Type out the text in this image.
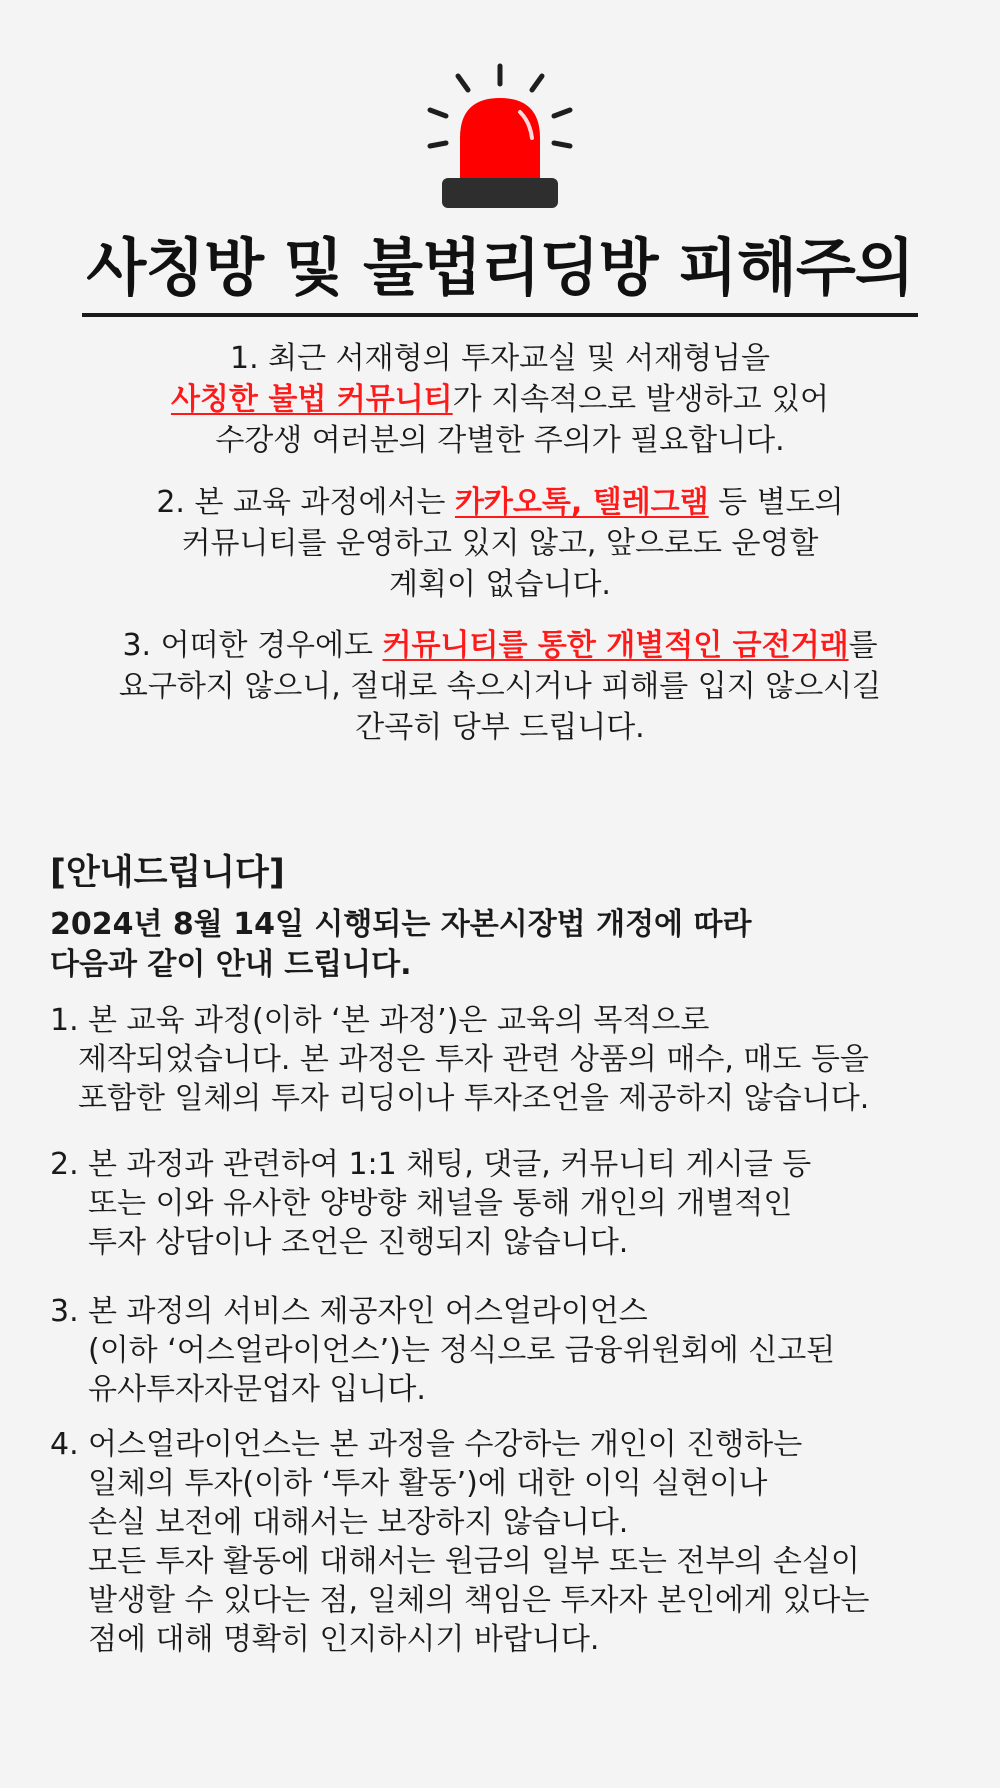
사칭방 및 불법리딩방 피해주의

1. 최근 서재형의 투자교실 및 서재형님을

사칭한 불법 커뮤니티가 지속적으로 발생하고 있어

수강생 여러분의 각별한 주의가 필요합니다.

2. 본 교육 과정에서는 카카오톡, 텔레그램 등 별도의

커뮤니티를 운영하고 있지 않고, 앞으로도 운영할

계획이 없습니다.

3. 어떠한 경우에도 커뮤니티를 통한 개별적인 금전거래를

요구하지 않으니, 절대로 속으시거나 피해를 입지 않으시길

간곡히 당부 드립니다.

[안내드립니다]

2024년 8월 14일 시행되는 자본시장법 개정에 따라

다음과 같이 안내 드립니다.

1. 본 교육 과정(이하 ‘본 과정’)은 교육의 목적으로

제작되었습니다. 본 과정은 투자 관련 상품의 매수, 매도 등을

포함한 일체의 투자 리딩이나 투자조언을 제공하지 않습니다.

2. 본 과정과 관련하여 1:1 채팅, 댓글, 커뮤니티 게시글 등

또는 이와 유사한 양방향 채널을 통해 개인의 개별적인

투자 상담이나 조언은 진행되지 않습니다.

3. 본 과정의 서비스 제공자인 어스얼라이언스

(이하 ‘어스얼라이언스’)는 정식으로 금융위원회에 신고된

유사투자자문업자 입니다.

4. 어스얼라이언스는 본 과정을 수강하는 개인이 진행하는

일체의 투자(이하 ‘투자 활동’)에 대한 이익 실현이나

손실 보전에 대해서는 보장하지 않습니다.

모든 투자 활동에 대해서는 원금의 일부 또는 전부의 손실이

발생할 수 있다는 점, 일체의 책임은 투자자 본인에게 있다는

점에 대해 명확히 인지하시기 바랍니다.
